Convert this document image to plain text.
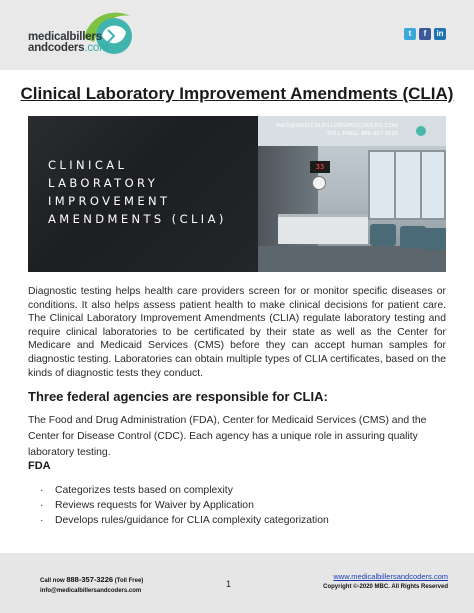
medicalbillers
andcoders.com
t	f	in
Clinical Laboratory Improvement Amendments (CLIA)
33
INFO@MEDICALBILLERSANDCODERS.COM
TOLL FREE: 888-357-3226
CLINICAL
LABORATORY
IMPROVEMENT
AMENDMENTS (CLIA)

Diagnostic testing helps health care providers screen for or monitor specific diseases or conditions. It also helps assess patient health to make clinical decisions for patient care. The Clinical Laboratory Improvement Amendments (CLIA) regulate laboratory testing and require clinical laboratories to be certificated by their state as well as the Center for Medicare and Medicaid Services (CMS) before they can accept human samples for diagnostic testing. Laboratories can obtain multiple types of CLIA certificates, based on the kinds of diagnostic tests they conduct.

Three federal agencies are responsible for CLIA:

The Food and Drug Administration (FDA), Center for Medicaid Services (CMS) and the Center for Disease Control (CDC). Each agency has a unique role in assuring quality laboratory testing.

FDA
· Categorizes tests based on complexity
· Reviews requests for Waiver by Application
· Develops rules/guidance for CLIA complexity categorization
Call now 888-357-3226 (Toll Free)
info@medicalbillersandcoders.com
1
www.medicalbillersandcoders.com
Copyright ©-2020 MBC. All Rights Reserved
